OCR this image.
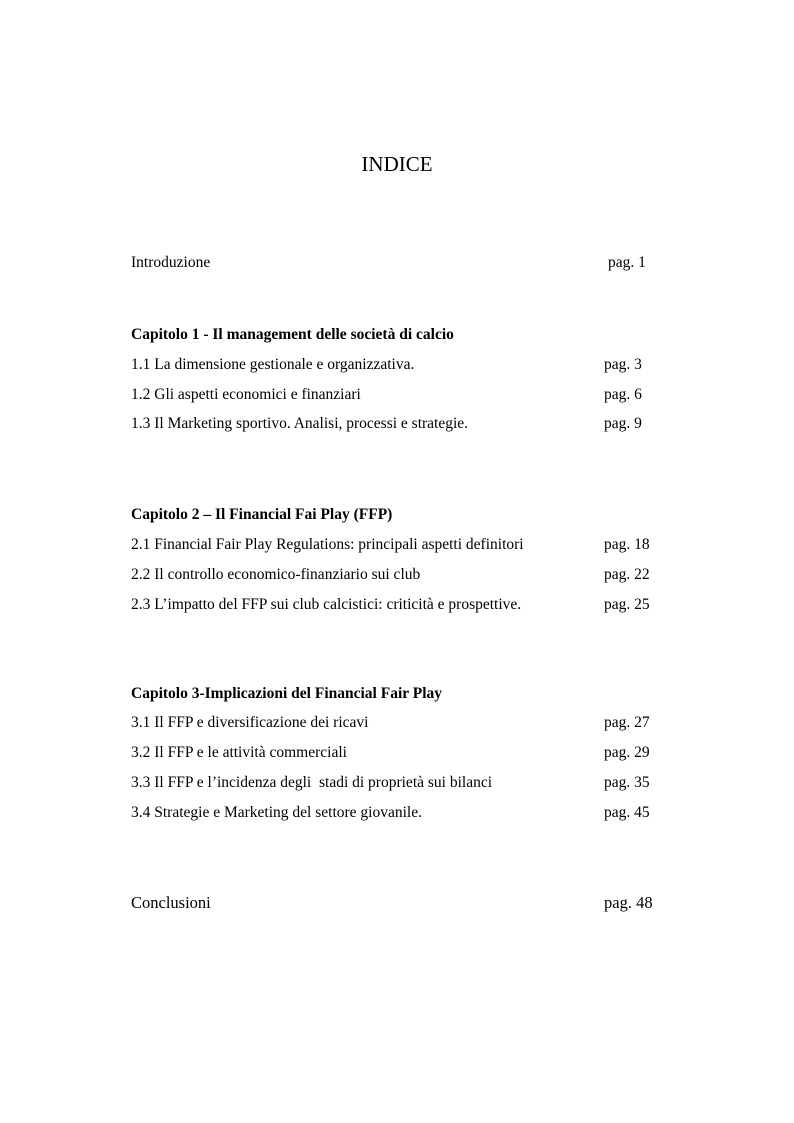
INDICE
Introduzione	pag. 1
Capitolo 1 - Il management delle società di calcio
1.1 La dimensione gestionale e organizzativa.	pag. 3
1.2 Gli aspetti economici e finanziari	pag. 6
1.3 Il Marketing sportivo. Analisi, processi e strategie.	pag. 9
Capitolo 2 – Il Financial Fai Play (FFP)
2.1 Financial Fair Play Regulations: principali aspetti definitori	pag. 18
2.2 Il controllo economico-finanziario sui club	pag. 22
2.3 L’impatto del FFP sui club calcistici: criticità e prospettive.	pag. 25
Capitolo 3-Implicazioni del Financial Fair Play
3.1 Il FFP e diversificazione dei ricavi	pag. 27
3.2 Il FFP e le attività commerciali	pag. 29
3.3 Il FFP e l’incidenza degli  stadi di proprietà sui bilanci	pag. 35
3.4 Strategie e Marketing del settore giovanile.	pag. 45
Conclusioni	pag. 48
